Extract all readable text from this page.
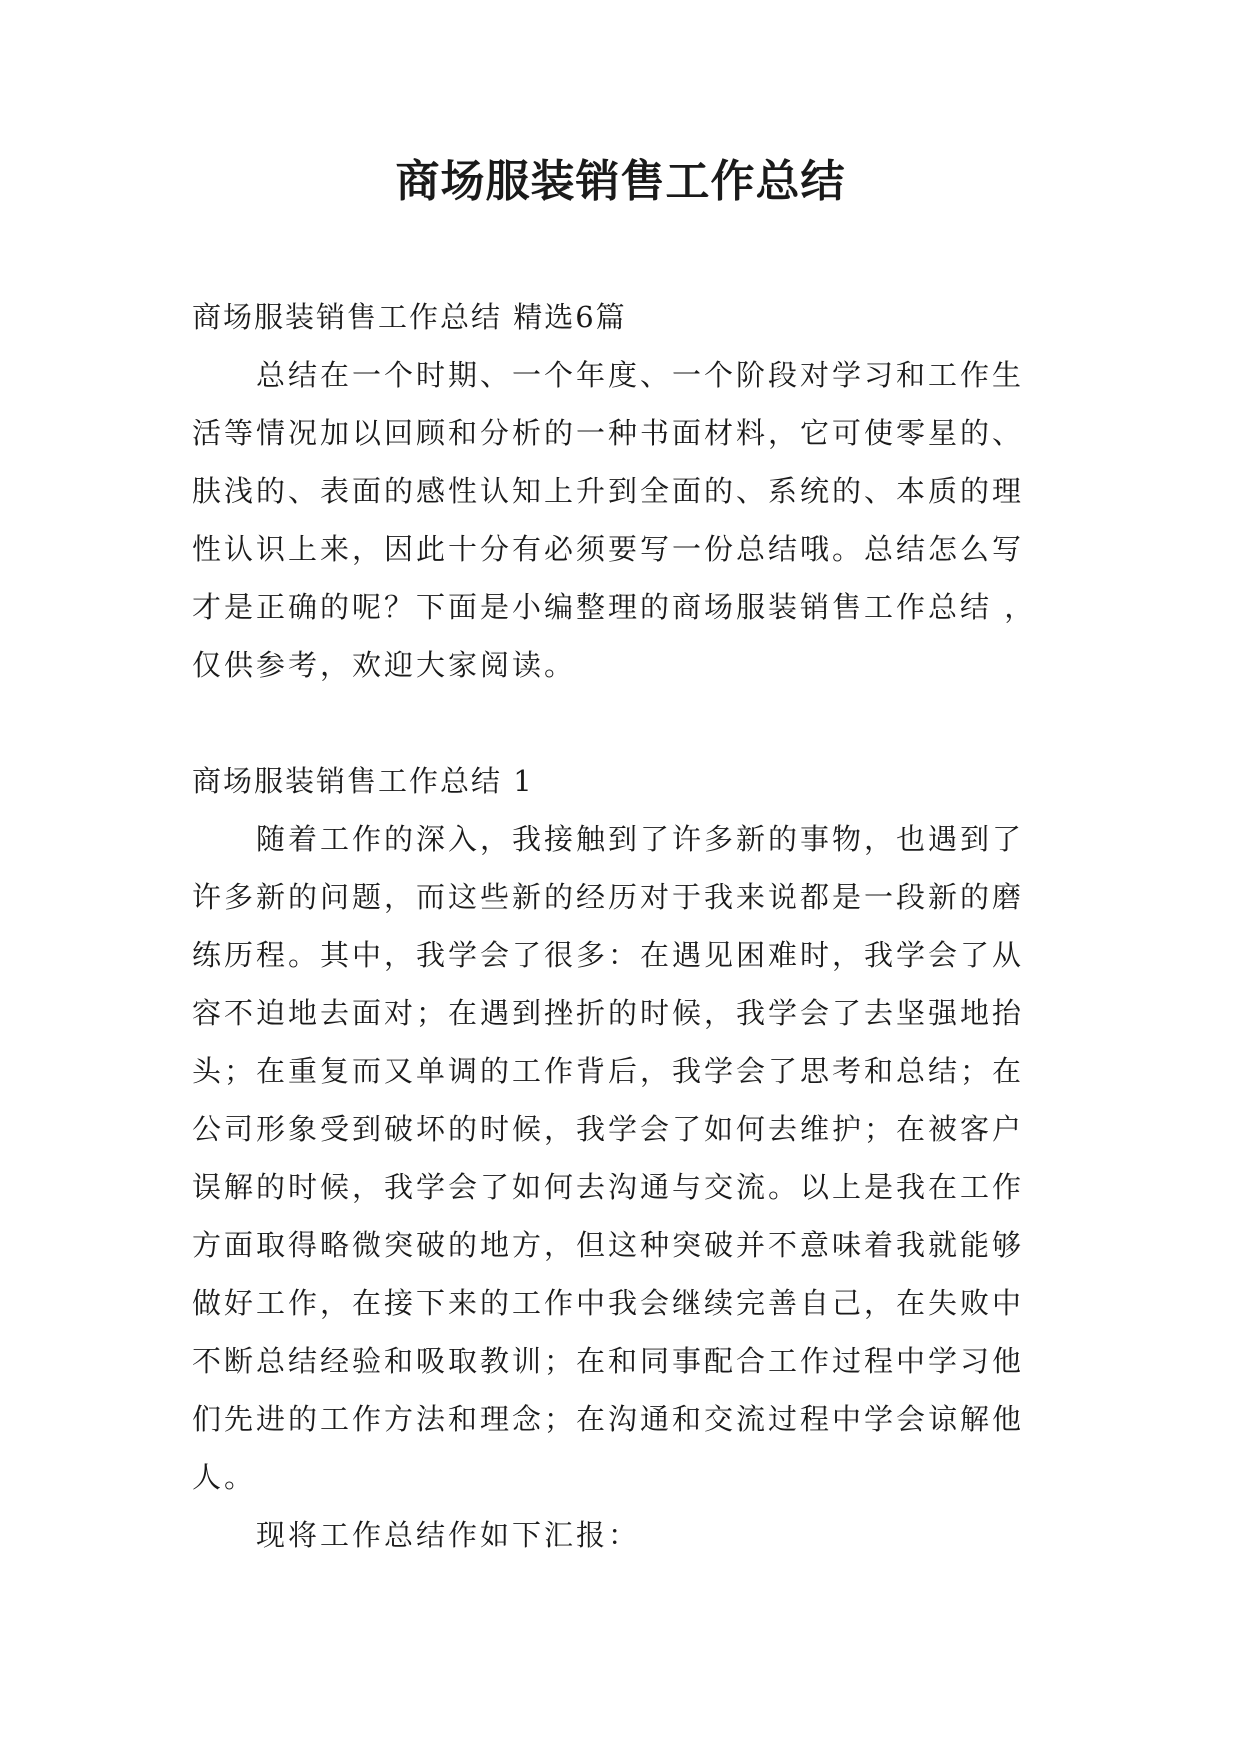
商场服装销售工作总结

商场服装销售工作总结 精选6篇

总结在一个时期、一个年度、一个阶段对学习和工作生

活等情况加以回顾和分析的一种书面材料，它可使零星的、

肤浅的、表面的感性认知上升到全面的、系统的、本质的理

性认识上来，因此十分有必须要写一份总结哦。总结怎么写

才是正确的呢？下面是小编整理的商场服装销售工作总结 ，

仅供参考，欢迎大家阅读。

商场服装销售工作总结 1

随着工作的深入，我接触到了许多新的事物，也遇到了

许多新的问题，而这些新的经历对于我来说都是一段新的磨

练历程。其中，我学会了很多：在遇见困难时，我学会了从

容不迫地去面对；在遇到挫折的时候，我学会了去坚强地抬

头；在重复而又单调的工作背后，我学会了思考和总结；在

公司形象受到破坏的时候，我学会了如何去维护；在被客户

误解的时候，我学会了如何去沟通与交流。以上是我在工作

方面取得略微突破的地方，但这种突破并不意味着我就能够

做好工作，在接下来的工作中我会继续完善自己，在失败中

不断总结经验和吸取教训；在和同事配合工作过程中学习他

们先进的工作方法和理念；在沟通和交流过程中学会谅解他

人。

现将工作总结作如下汇报：
